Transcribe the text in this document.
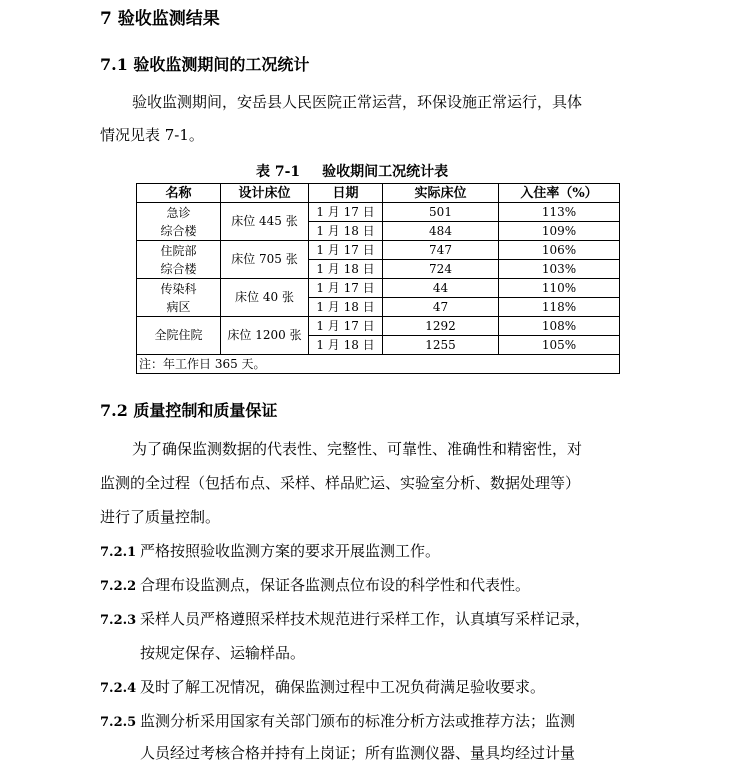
7 验收监测结果
7.1 验收监测期间的工况统计
验收监测期间，安岳县人民医院正常运营，环保设施正常运行，具体
情况见表 7-1。
表 7-1 验收期间工况统计表
名称	设计床位	日期	实际床位	入住率（%）
急诊
综合楼	床位 445 张	1 月 17 日	501	113%
		1 月 18 日	484	109%
住院部
综合楼	床位 705 张	1 月 17 日	747	106%
		1 月 18 日	724	103%
传染科
病区	床位 40 张	1 月 17 日	44	110%
		1 月 18 日	47	118%
全院住院	床位 1200 张	1 月 17 日	1292	108%
		1 月 18 日	1255	105%
注：年工作日 365 天。				
7.2 质量控制和质量保证
为了确保监测数据的代表性、完整性、可靠性、准确性和精密性，对
监测的全过程（包括布点、采样、样品贮运、实验室分析、数据处理等）
进行了质量控制。
7.2.1 严格按照验收监测方案的要求开展监测工作。
7.2.2 合理布设监测点，保证各监测点位布设的科学性和代表性。
7.2.3 采样人员严格遵照采样技术规范进行采样工作，认真填写采样记录，
按规定保存、运输样品。
7.2.4 及时了解工况情况，确保监测过程中工况负荷满足验收要求。
7.2.5 监测分析采用国家有关部门颁布的标准分析方法或推荐方法；监测
人员经过考核合格并持有上岗证；所有监测仪器、量具均经过计量
